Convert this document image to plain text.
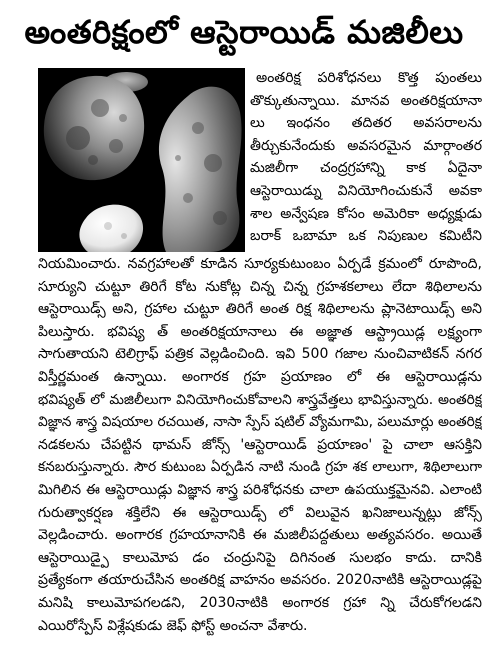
అంతరిక్షంలో ఆస్టెరాయిడ్ మజిలీలు
అంతరిక్ష పరిశోధనలు కొత్త పుంతలు
తొక్కుతున్నాయి. మానవ అంతరిక్షయానా
లు ఇంధనం తదితర అవసరాలను
తీర్చుకునేందుకు అవసరమైన మార్గాంతర
మజిలీగా చంద్రగ్రహాన్ని కాక ఏదైనా
ఆస్టెరాయిడ్ను వినియోగించుకునే అవకా
శాల అన్వేషణ కోసం అమెరికా అధ్యక్షుడు
బరాక్ ఒబామా ఒక నిపుణుల కమిటీని
నియమించారు. నవగ్రహాలతో కూడిన సూర్యకుటుంబం ఏర్పడే క్రమంలో రూపొంది,
సూర్యుని చుట్టూ తిరిగే కోట నుకోట్ల చిన్న చిన్న గ్రహశకలాలు లేదా శిథిలాలను
ఆస్టెరాయిడ్స్ అని, గ్రహాల చుట్టూ తిరిగే అంత రిక్ష శిథిలాలను ప్లానెటాయిడ్స్ అని
పిలుస్తారు. భవిష్య త్ అంతరిక్షయానాలు ఈ అజ్ఞాత ఆస్ట్రాయిడ్ల లక్ష్యంగా
సాగుతాయని టెలిగ్రాఫ్ పత్రిక వెల్లడించింది. ఇవి 500 గజాల నుంచివాటికన్ నగర
విస్తీర్ణమంత ఉన్నాయి. అంగారక గ్రహ ప్రయాణం లో ఈ ఆస్టెరాయిడ్లను
భవిష్యత్ లో మజిలీలుగా వినియోగించుకోవాలని శాస్త్రవేత్తలు భావిస్తున్నారు. అంతరిక్ష
విజ్ఞాన శాస్త్ర విషయాల రచయిత, నాసా స్పేస్ షటిల్ వ్యోమగామి, పలుమార్లు అంతరిక్ష
నడకలను చేపట్టిన థామస్ జోన్స్ 'ఆస్టెరాయిడ్ ప్రయాణం' పై చాలా ఆసక్తిని
కనబరుస్తున్నారు. సౌర కుటుంబ ఏర్పడిన నాటి నుండి గ్రహ శక లాలుగా, శిథిలాలుగా
మిగిలిన ఈ ఆస్టెరాయిడ్లు విజ్ఞాన శాస్త్ర పరిశోధనకు చాలా ఉపయుక్తమైనవి. ఎలాంటి
గురుత్వాకర్షణ శక్తిలేని ఈ ఆస్టెరాయిడ్స్ లో విలువైన ఖనిజాలున్నట్లు జోన్స్
వెల్లడించారు. అంగారక గ్రహయానానికి ఈ మజిలీపద్దతులు అత్యవసరం. అయితే
ఆస్టెరాయిడ్పై కాలుమోప డం చంద్రునిపై దిగినంత సులభం కాదు. దానికి
ప్రత్యేకంగా తయారుచేసిన అంతరిక్ష వాహనం అవసరం. 2020నాటికి ఆస్టెరాయిడ్లపై
మనిషి కాలుమోపగలడని, 2030నాటికి అంగారక గ్రహా న్ని చేరుకోగలడని
ఎయిరోస్పేస్ విశ్లేషకుడు జెఫ్ ఫోస్ట్ అంచనా వేశారు.
